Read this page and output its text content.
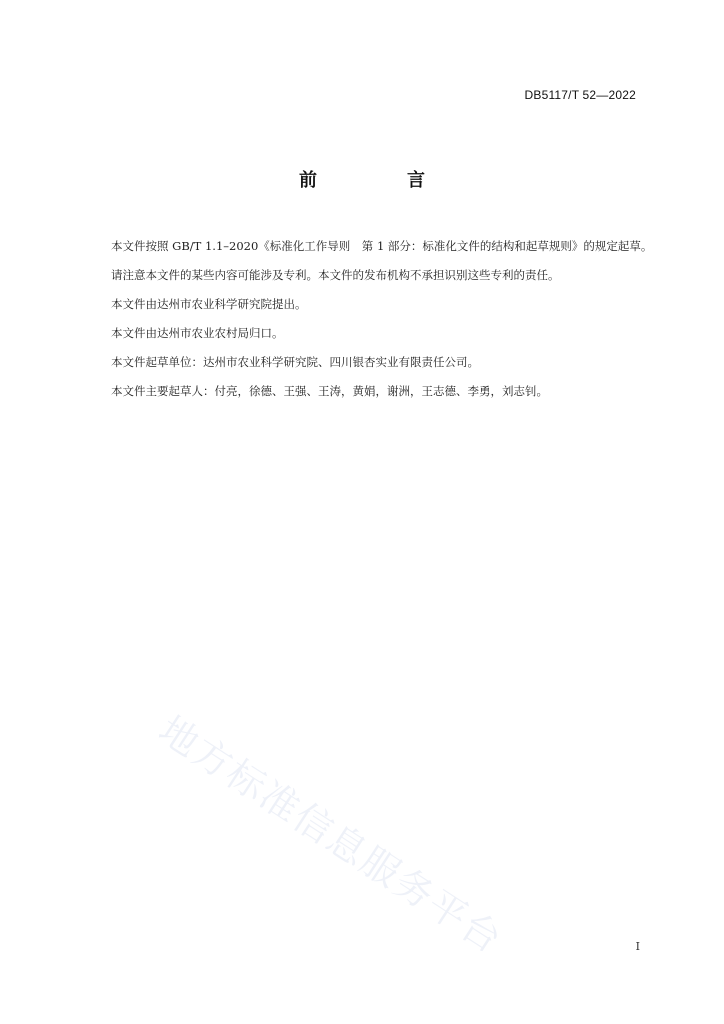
DB5117/T 52—2022
前　言

本文件按照 GB/T 1.1–2020《标准化工作导则　第 1 部分：标准化文件的结构和起草规则》的规定起草。

请注意本文件的某些内容可能涉及专利。本文件的发布机构不承担识别这些专利的责任。

本文件由达州市农业科学研究院提出。

本文件由达州市农业农村局归口。

本文件起草单位：达州市农业科学研究院、四川银杏实业有限责任公司。

本文件主要起草人：付亮，徐德、王强、王涛，黄娟，谢洲，王志德、李勇，刘志钊。

地方标准信息服务平台	I
